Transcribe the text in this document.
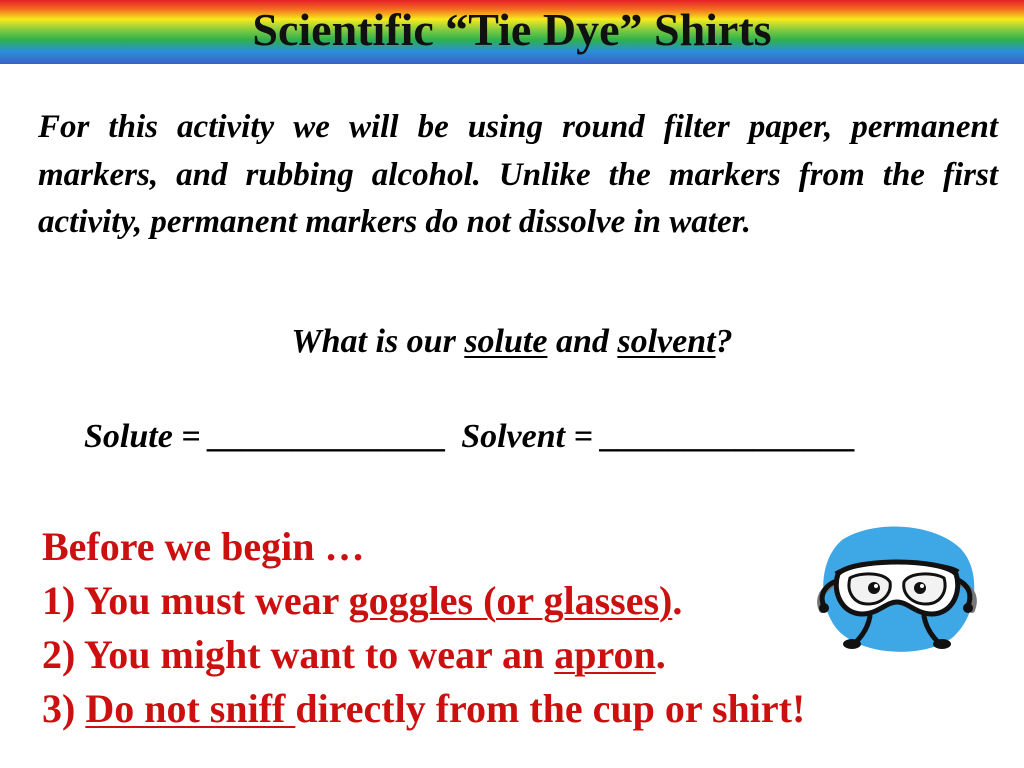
Scientific “Tie Dye” Shirts

For this activity we will be using round filter paper, permanent markers, and rubbing alcohol. Unlike the markers from the first activity, permanent markers do not dissolve in water.

What is our solute and solvent?

Solute = ______________ Solvent = _______________

Before we begin …
1) You must wear goggles (or glasses).
2) You might want to wear an apron.
3) Do not sniff directly from the cup or shirt!
